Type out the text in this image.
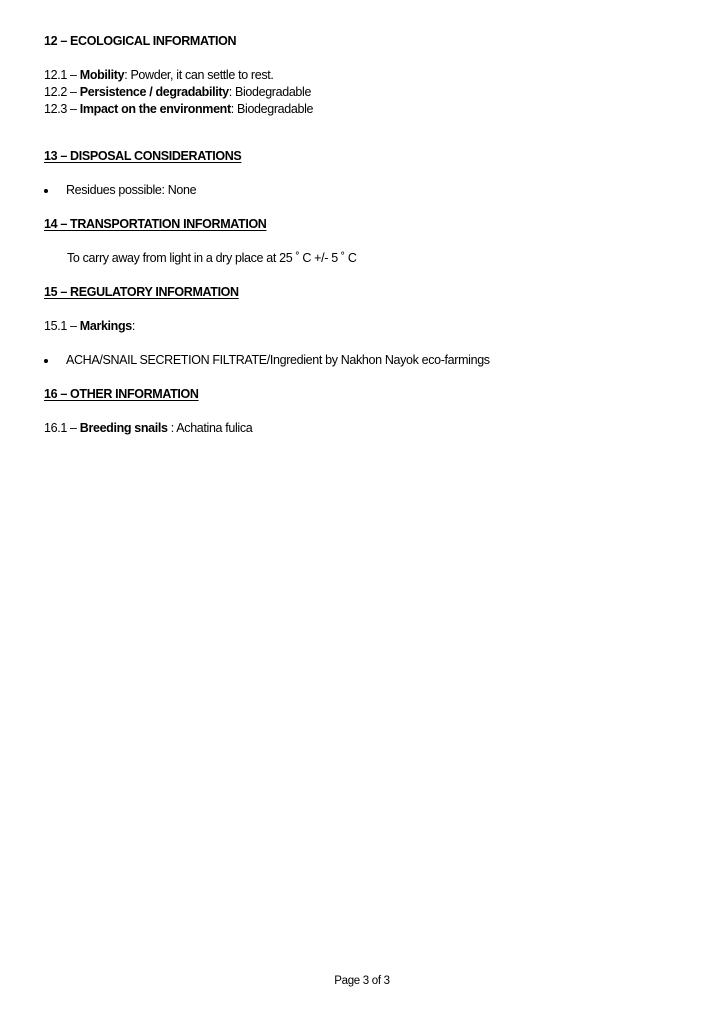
12 – ECOLOGICAL INFORMATION
12.1 – Mobility: Powder, it can settle to rest.
12.2 – Persistence / degradability: Biodegradable
12.3 – Impact on the environment: Biodegradable
13 – DISPOSAL CONSIDERATIONS
Residues possible: None
14 – TRANSPORTATION INFORMATION
To carry away from light in a dry place at 25 ˚ C +/- 5 ˚ C
15 – REGULATORY INFORMATION
15.1 – Markings:
ACHA/SNAIL SECRETION FILTRATE/Ingredient by Nakhon Nayok eco-farmings
16 – OTHER INFORMATION
16.1 – Breeding snails : Achatina fulica
Page 3 of 3
